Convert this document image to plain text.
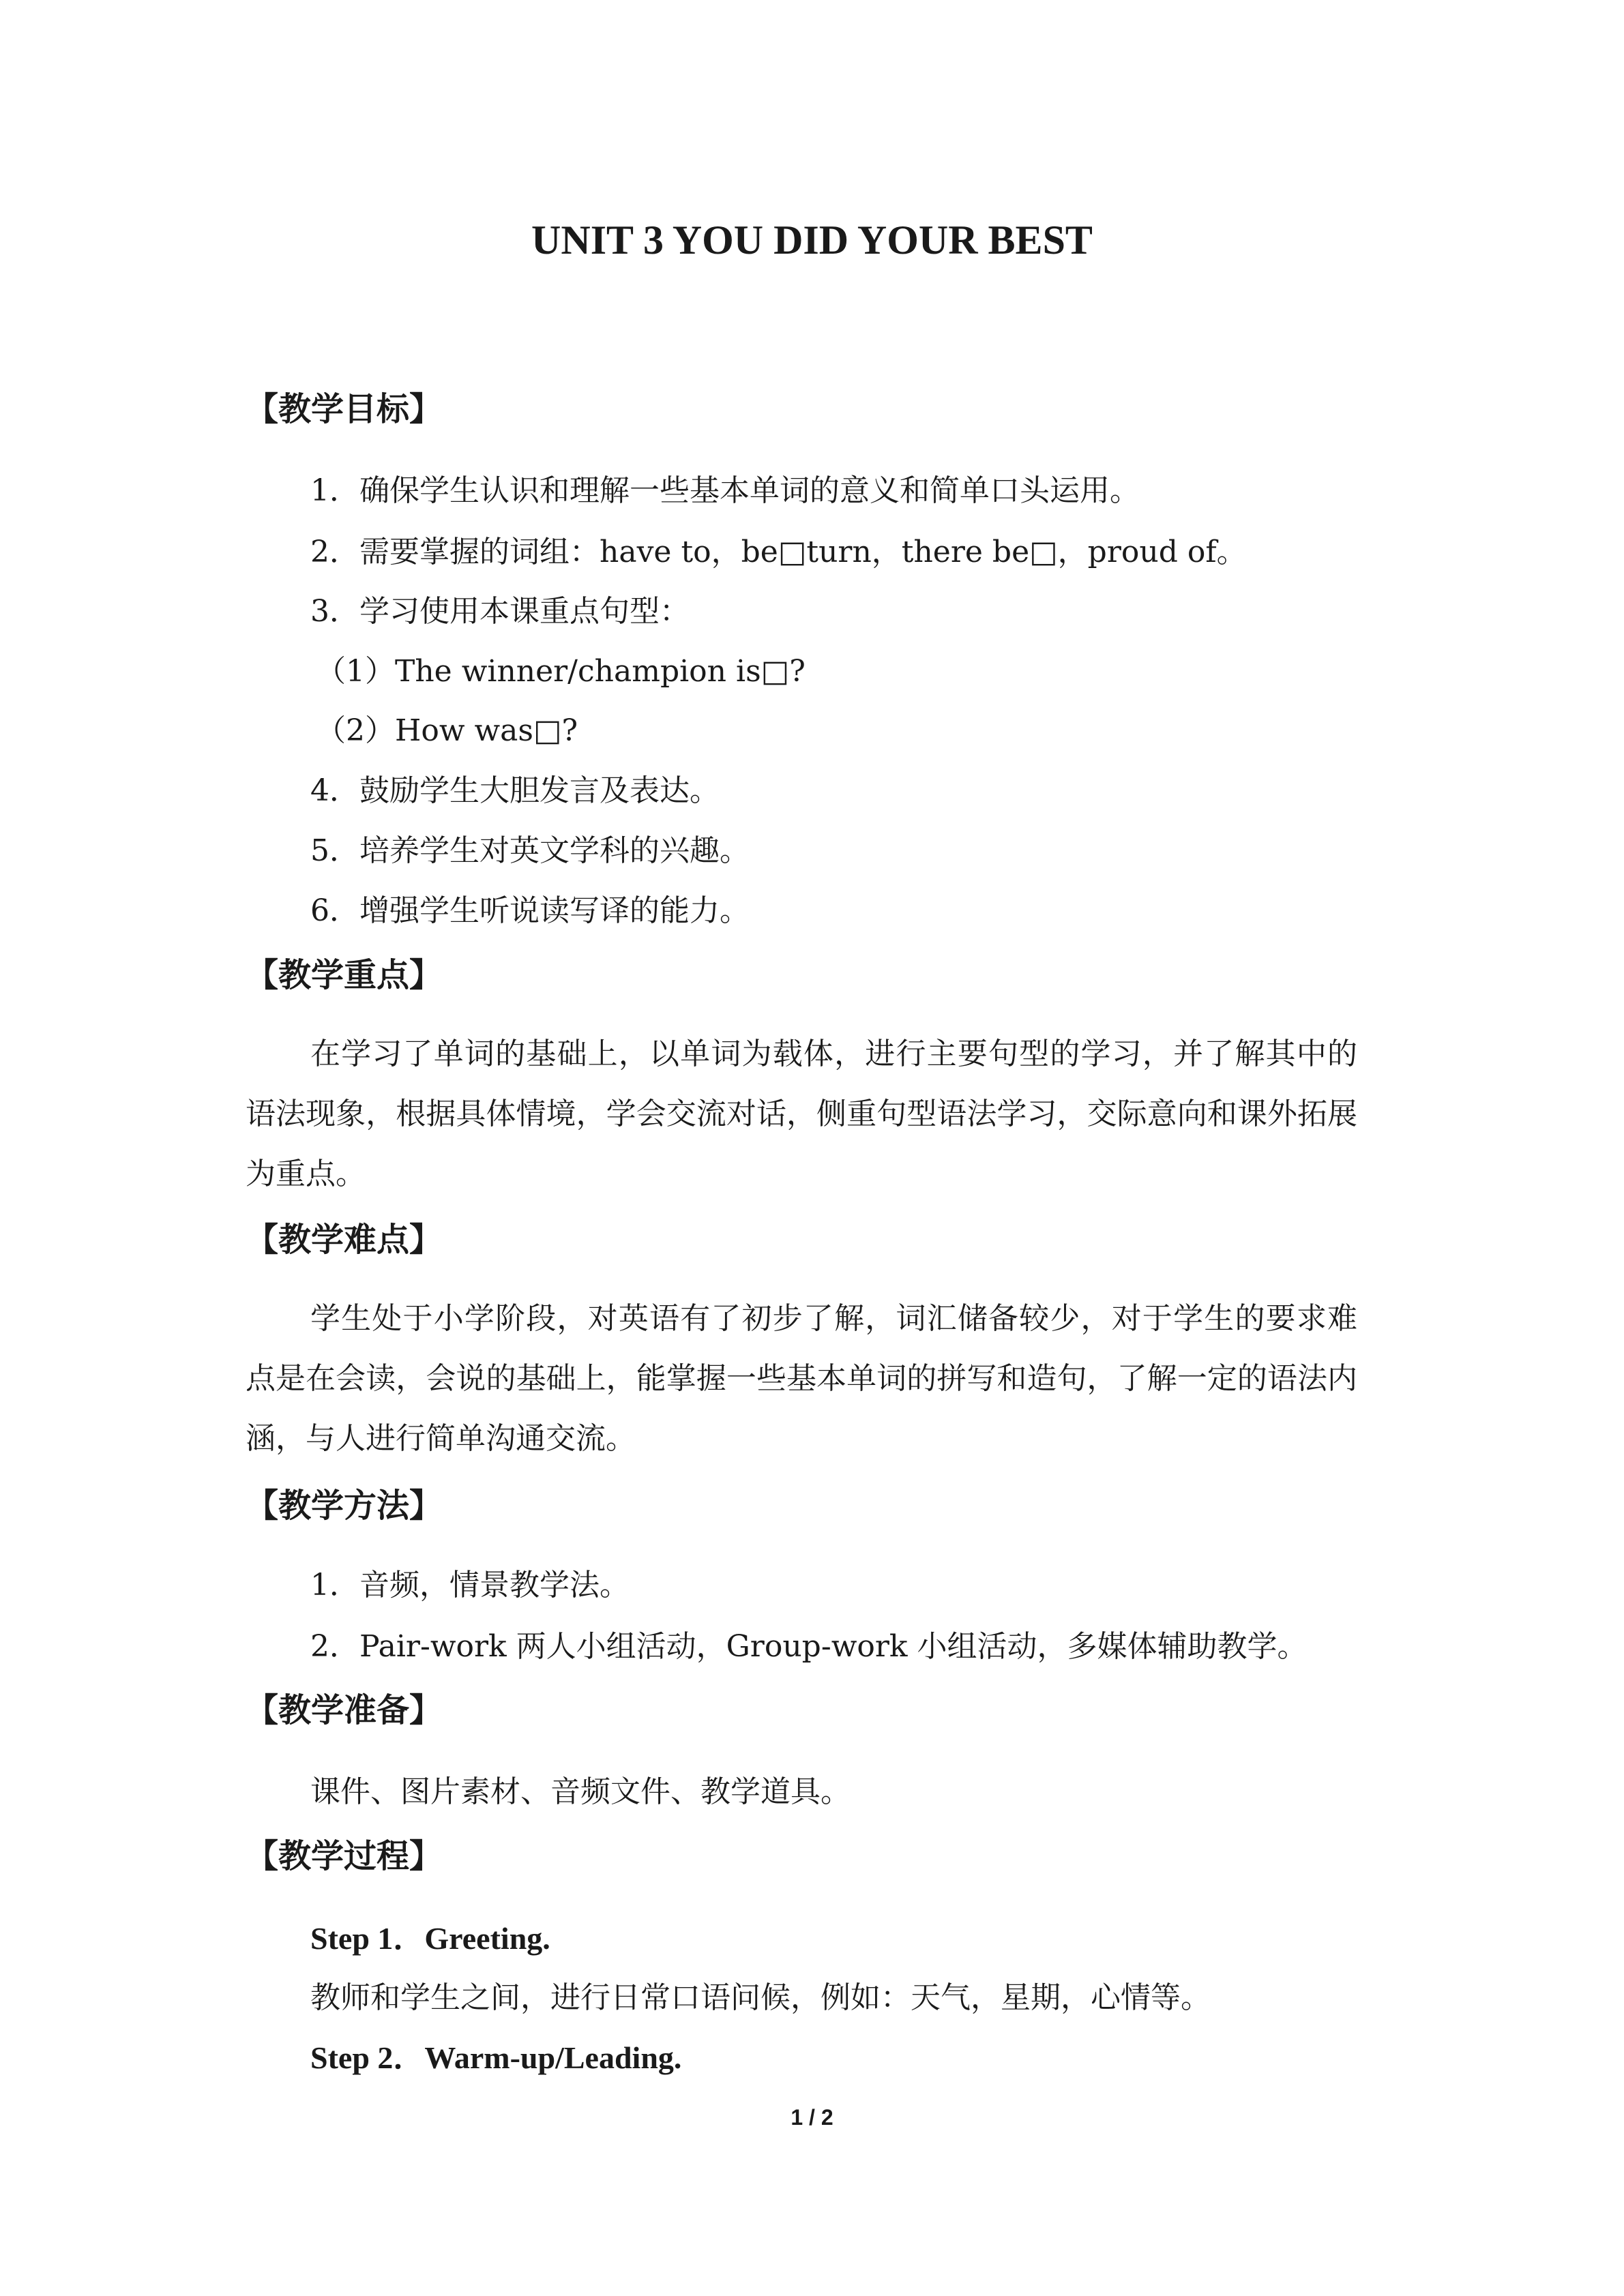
UNIT 3 YOU DID YOUR BEST
【教学目标】
1．确保学生认识和理解一些基本单词的意义和简单口头运用。
2．需要掌握的词组：have to，be□turn，there be□，proud of。
3．学习使用本课重点句型：
（1）The winner/champion is□?
（2）How was□?
4．鼓励学生大胆发言及表达。
5．培养学生对英文学科的兴趣。
6．增强学生听说读写译的能力。
【教学重点】
在学习了单词的基础上，以单词为载体，进行主要句型的学习，并了解其中的语法现象，根据具体情境，学会交流对话，侧重句型语法学习，交际意向和课外拓展为重点。
【教学难点】
学生处于小学阶段，对英语有了初步了解，词汇储备较少，对于学生的要求难点是在会读，会说的基础上，能掌握一些基本单词的拼写和造句，了解一定的语法内涵，与人进行简单沟通交流。
【教学方法】
1．音频，情景教学法。
2．Pair-work 两人小组活动，Group-work 小组活动，多媒体辅助教学。
【教学准备】
课件、图片素材、音频文件、教学道具。
【教学过程】
Step 1．Greeting.
教师和学生之间，进行日常口语问候，例如：天气，星期，心情等。
Step 2．Warm-up/Leading.
1 / 2
